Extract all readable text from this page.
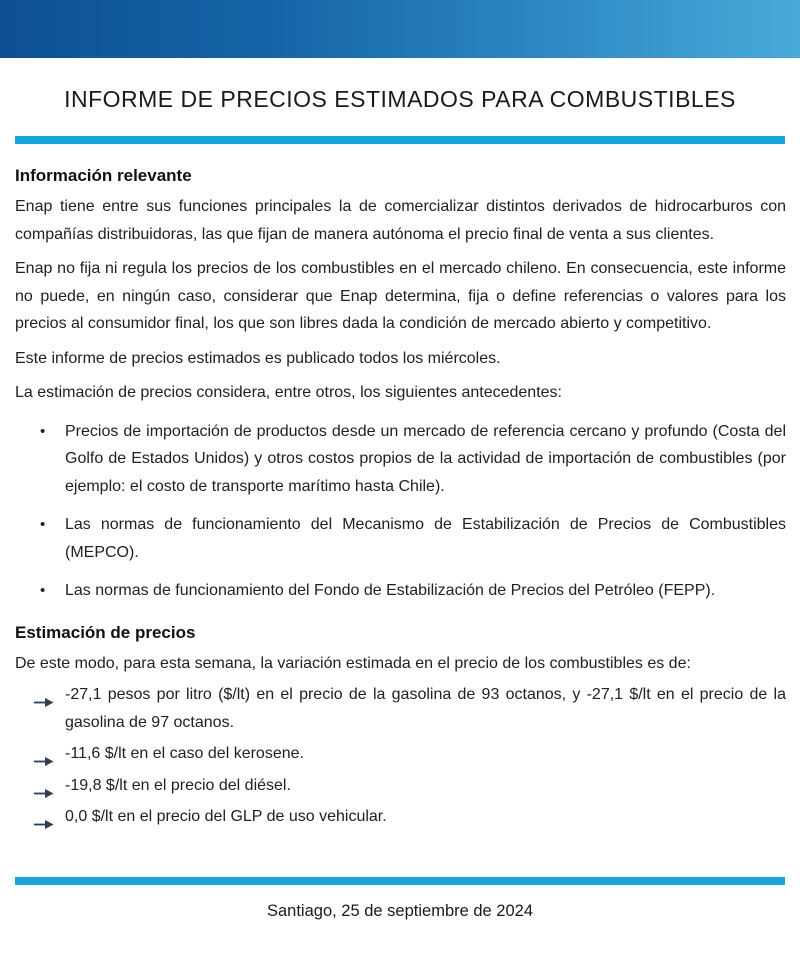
INFORME DE PRECIOS ESTIMADOS PARA COMBUSTIBLES
Información relevante

Enap tiene entre sus funciones principales la de comercializar distintos derivados de hidrocarburos con compañías distribuidoras, las que fijan de manera autónoma el precio final de venta a sus clientes.

Enap no fija ni regula los precios de los combustibles en el mercado chileno. En consecuencia, este informe no puede, en ningún caso, considerar que Enap determina, fija o define referencias o valores para los precios al consumidor final, los que son libres dada la condición de mercado abierto y competitivo.

Este informe de precios estimados es publicado todos los miércoles.

La estimación de precios considera, entre otros, los siguientes antecedentes:

• Precios de importación de productos desde un mercado de referencia cercano y profundo (Costa del Golfo de Estados Unidos) y otros costos propios de la actividad de importación de combustibles (por ejemplo: el costo de transporte marítimo hasta Chile).
• Las normas de funcionamiento del Mecanismo de Estabilización de Precios de Combustibles (MEPCO).
• Las normas de funcionamiento del Fondo de Estabilización de Precios del Petróleo (FEPP).
Estimación de precios

De este modo, para esta semana, la variación estimada en el precio de los combustibles es de:

-27,1 pesos por litro ($/lt) en el precio de la gasolina de 93 octanos, y -27,1 $/lt en el precio de la gasolina de 97 octanos.
-11,6 $/lt en el caso del kerosene.
-19,8 $/lt en el precio del diésel.
0,0 $/lt en el precio del GLP de uso vehicular.
Santiago, 25 de septiembre de 2024
